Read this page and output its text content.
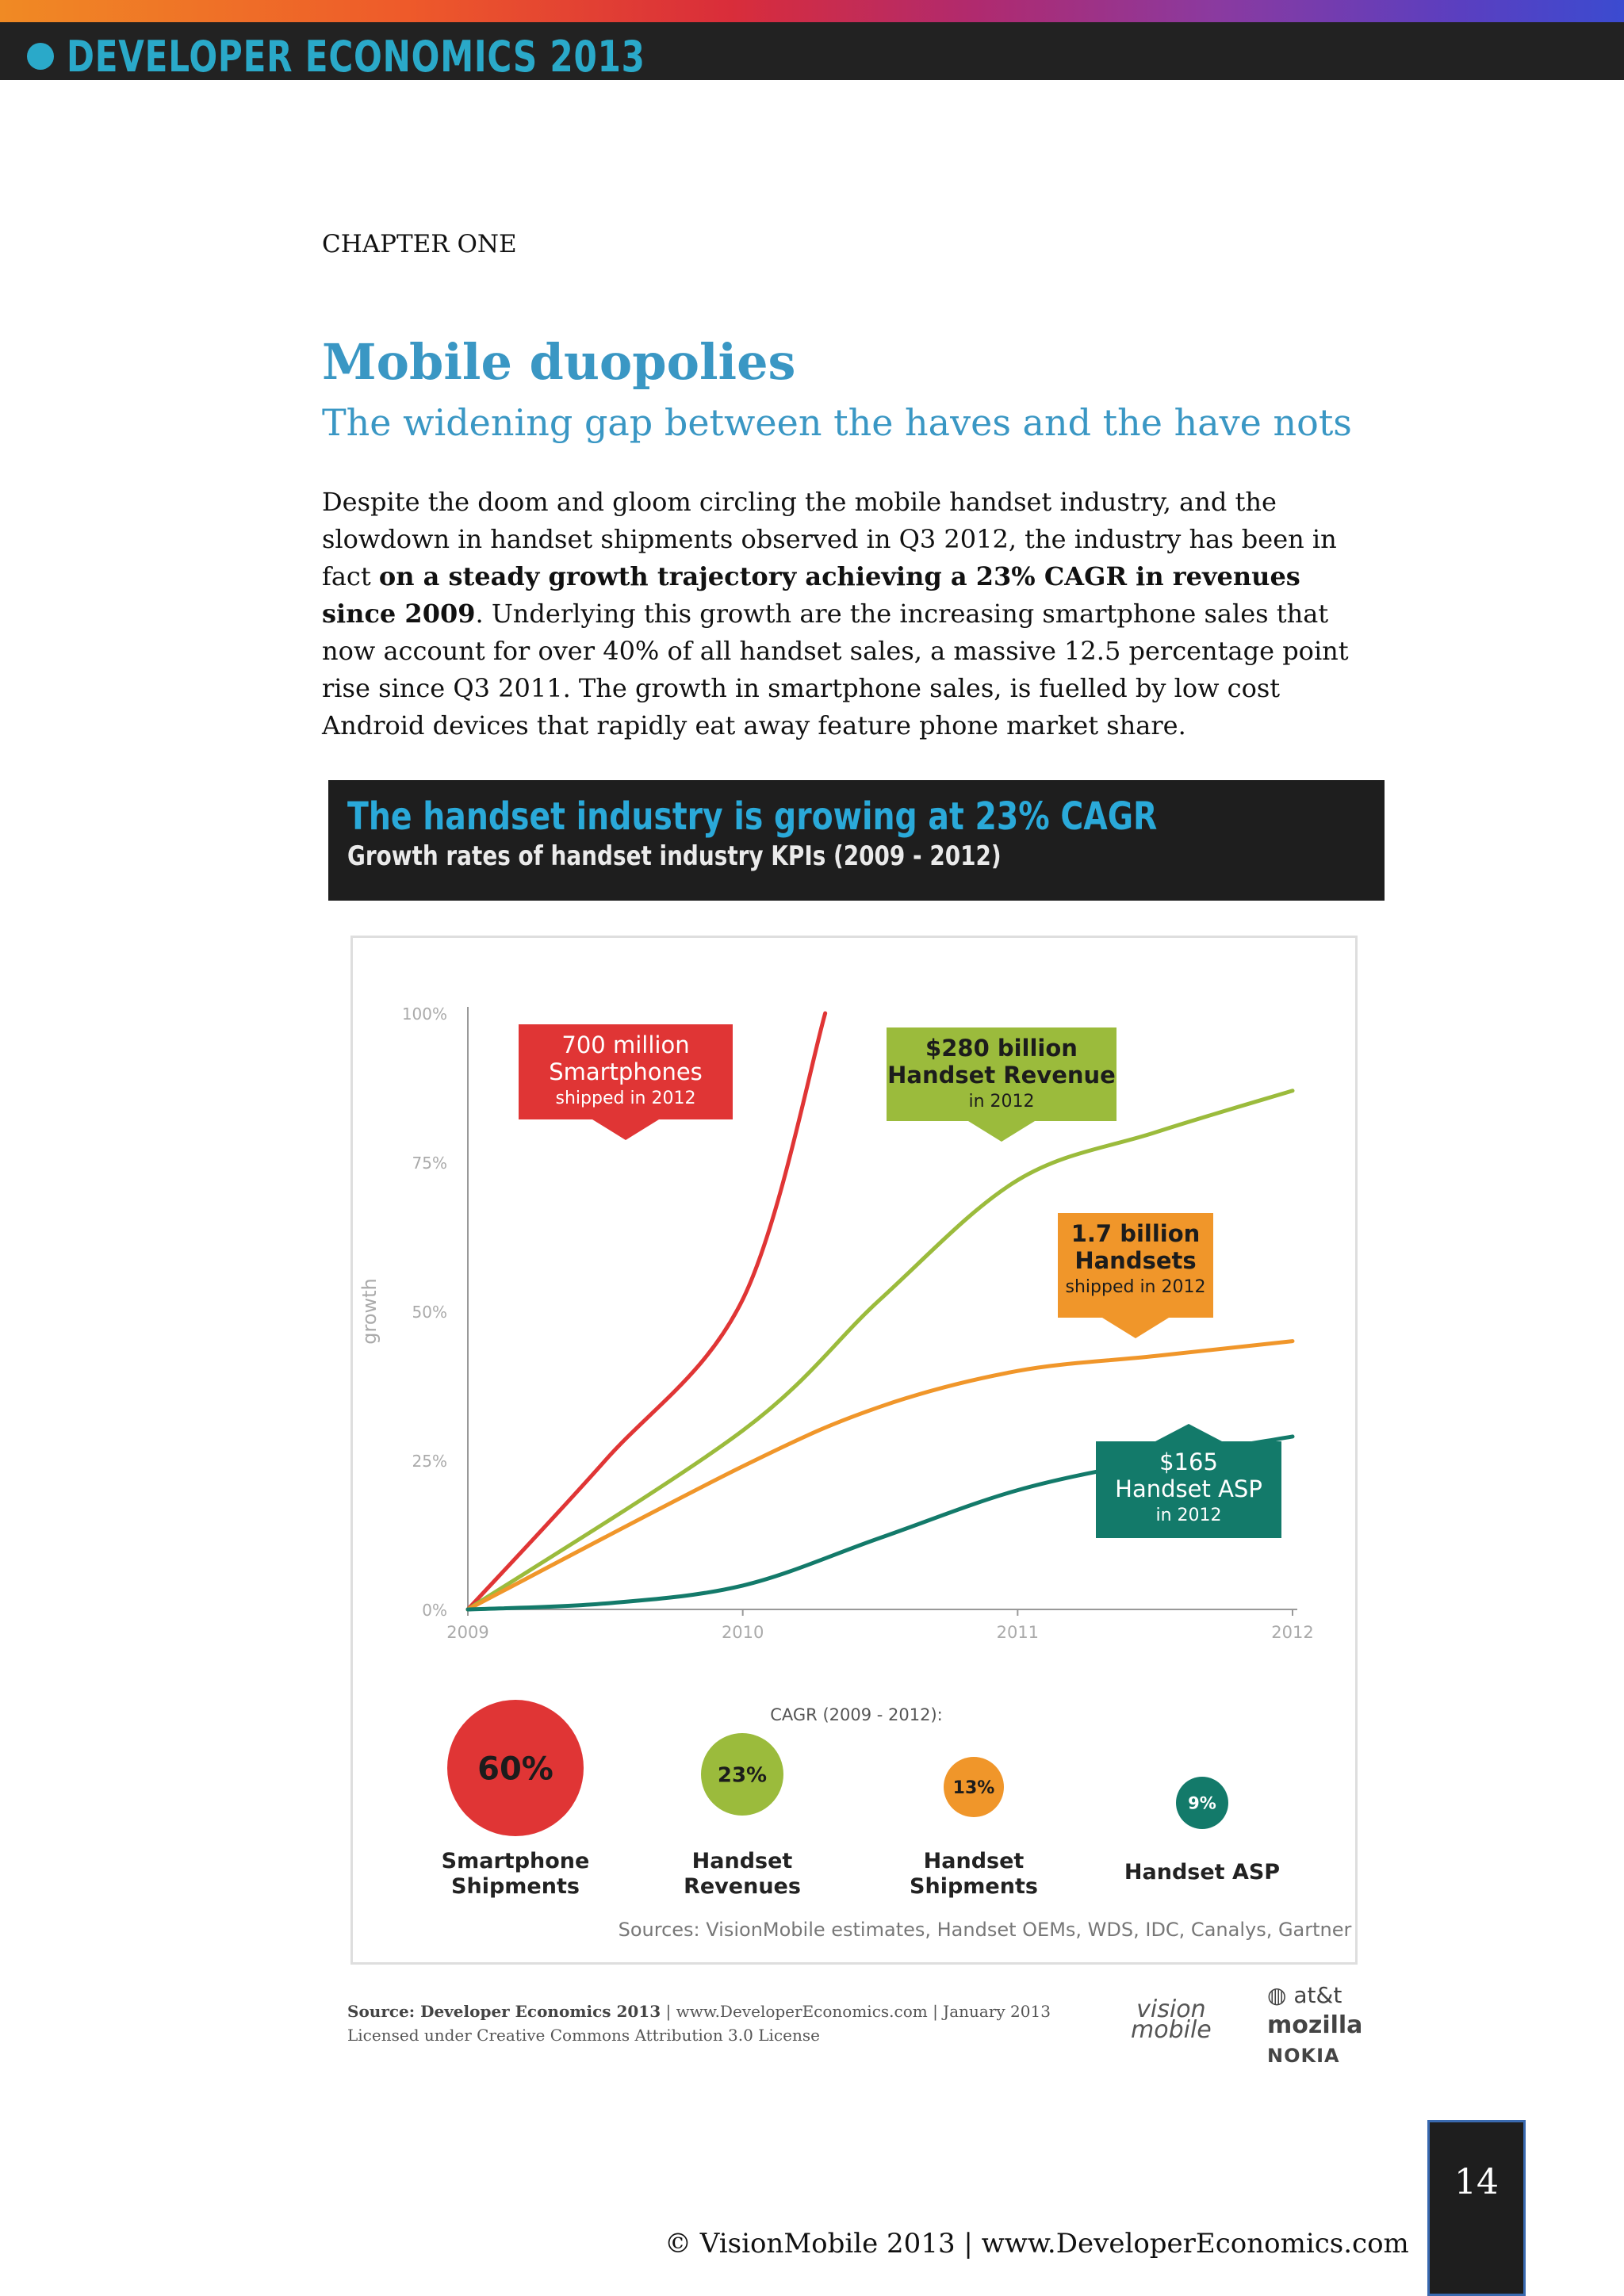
DEVELOPER ECONOMICS 2013
CHAPTER ONE
Mobile duopolies
The widening gap between the haves and the have nots
Despite the doom and gloom circling the mobile handset industry, and the slowdown in handset shipments observed in Q3 2012, the industry has been in fact on a steady growth trajectory achieving a 23% CAGR in revenues since 2009. Underlying this growth are the increasing smartphone sales that now account for over 40% of all handset sales, a massive 12.5 percentage point rise since Q3 2011. The growth in smartphone sales, is fuelled by low cost Android devices that rapidly eat away feature phone market share.
The handset industry is growing at 23% CAGR
Growth rates of handset industry KPIs (2009 - 2012)
0%
25%
50%
75%
100%
2009	2010	2011	2012
growth
700 million
Smartphones
shipped in 2012
$280 billion
Handset Revenue
in 2012
1.7 billion
Handsets
shipped in 2012
$165
Handset ASP
in 2012
CAGR (2009 - 2012):
60%
Smartphone
Shipments
23%
Handset
Revenues
13%
Handset
Shipments
9%
Handset ASP
Sources: VisionMobile estimates, Handset OEMs, WDS, IDC, Canalys, Gartner
Source: Developer Economics 2013 | www.DeveloperEconomics.com | January 2013
Licensed under Creative Commons Attribution 3.0 License
vision
mobile
◍ at&t
mozilla
NOKIA
14
© VisionMobile 2013 | www.DeveloperEconomics.com
